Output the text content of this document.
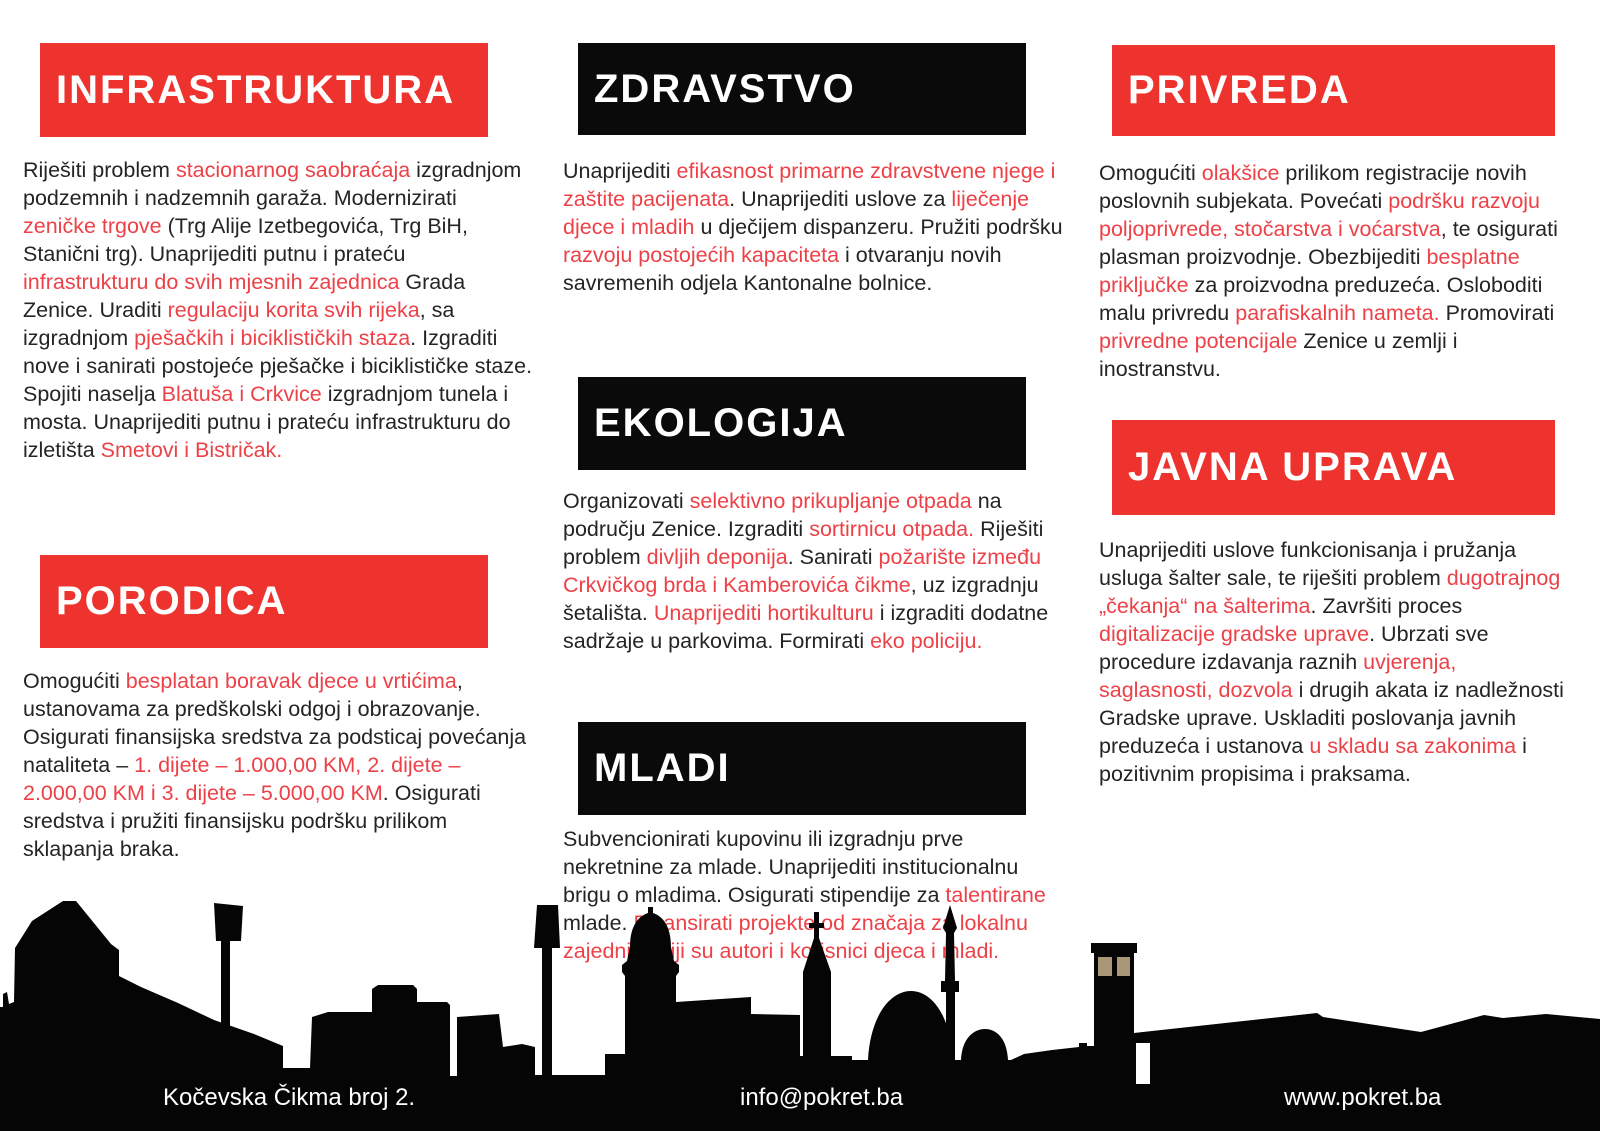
INFRASTRUKTURA

Riješiti problem stacionarnog saobraćaja izgradnjom podzemnih i nadzemnih garaža. Modernizirati zeničke trgove (Trg Alije Izetbegovića, Trg BiH, Stanični trg). Unaprijediti putnu i prateću infrastrukturu do svih mjesnih zajednica Grada Zenice. Uraditi regulaciju korita svih rijeka, sa izgradnjom pješačkih i biciklističkih staza. Izgraditi nove i sanirati postojeće pješačke i biciklističke staze. Spojiti naselja Blatuša i Crkvice izgradnjom tunela i mosta. Unaprijediti putnu i prateću infrastrukturu do izletišta Smetovi i Bistričak.

PORODICA

Omogućiti besplatan boravak djece u vrtićima, ustanovama za predškolski odgoj i obrazovanje. Osigurati finansijska sredstva za podsticaj povećanja nataliteta – 1. dijete – 1.000,00 KM, 2. dijete – 2.000,00 KM i 3. dijete – 5.000,00 KM. Osigurati sredstva i pružiti finansijsku podršku prilikom sklapanja braka.

ZDRAVSTVO

Unaprijediti efikasnost primarne zdravstvene njege i zaštite pacijenata. Unaprijediti uslove za liječenje djece i mladih u dječijem dispanzeru. Pružiti podršku razvoju postojećih kapaciteta i otvaranju novih savremenih odjela Kantonalne bolnice.

EKOLOGIJA

Organizovati selektivno prikupljanje otpada na području Zenice. Izgraditi sortirnicu otpada. Riješiti problem divljih deponija. Sanirati požarište između Crkvičkog brda i Kamberovića čikme, uz izgradnju šetališta. Unaprijediti hortikulturu i izgraditi dodatne sadržaje u parkovima. Formirati eko policiju.

MLADI

Subvencionirati kupovinu ili izgradnju prve nekretnine za mlade. Unaprijediti institucionalnu brigu o mladima. Osigurati stipendije za talentirane mlade. Finansirati projekte od značaja za lokalnu zajednicu čiji su autori i korisnici djeca i mladi.

PRIVREDA

Omogućiti olakšice prilikom registracije novih poslovnih subjekata. Povećati podršku razvoju poljoprivrede, stočarstva i voćarstva, te osigurati plasman proizvodnje. Obezbijediti besplatne priključke za proizvodna preduzeća. Osloboditi malu privredu parafiskalnih nameta. Promovirati privredne potencijale Zenice u zemlji i inostranstvu.

JAVNA UPRAVA

Unaprijediti uslove funkcionisanja i pružanja usluga šalter sale, te riješiti problem dugotrajnog „čekanja“ na šalterima. Završiti proces digitalizacije gradske uprave. Ubrzati sve procedure izdavanja raznih uvjerenja, saglasnosti, dozvola i drugih akata iz nadležnosti Gradske uprave. Uskladiti poslovanja javnih preduzeća i ustanova u skladu sa zakonima i pozitivnim propisima i praksama.

Kočevska Čikma broj 2.	info@pokret.ba	www.pokret.ba
